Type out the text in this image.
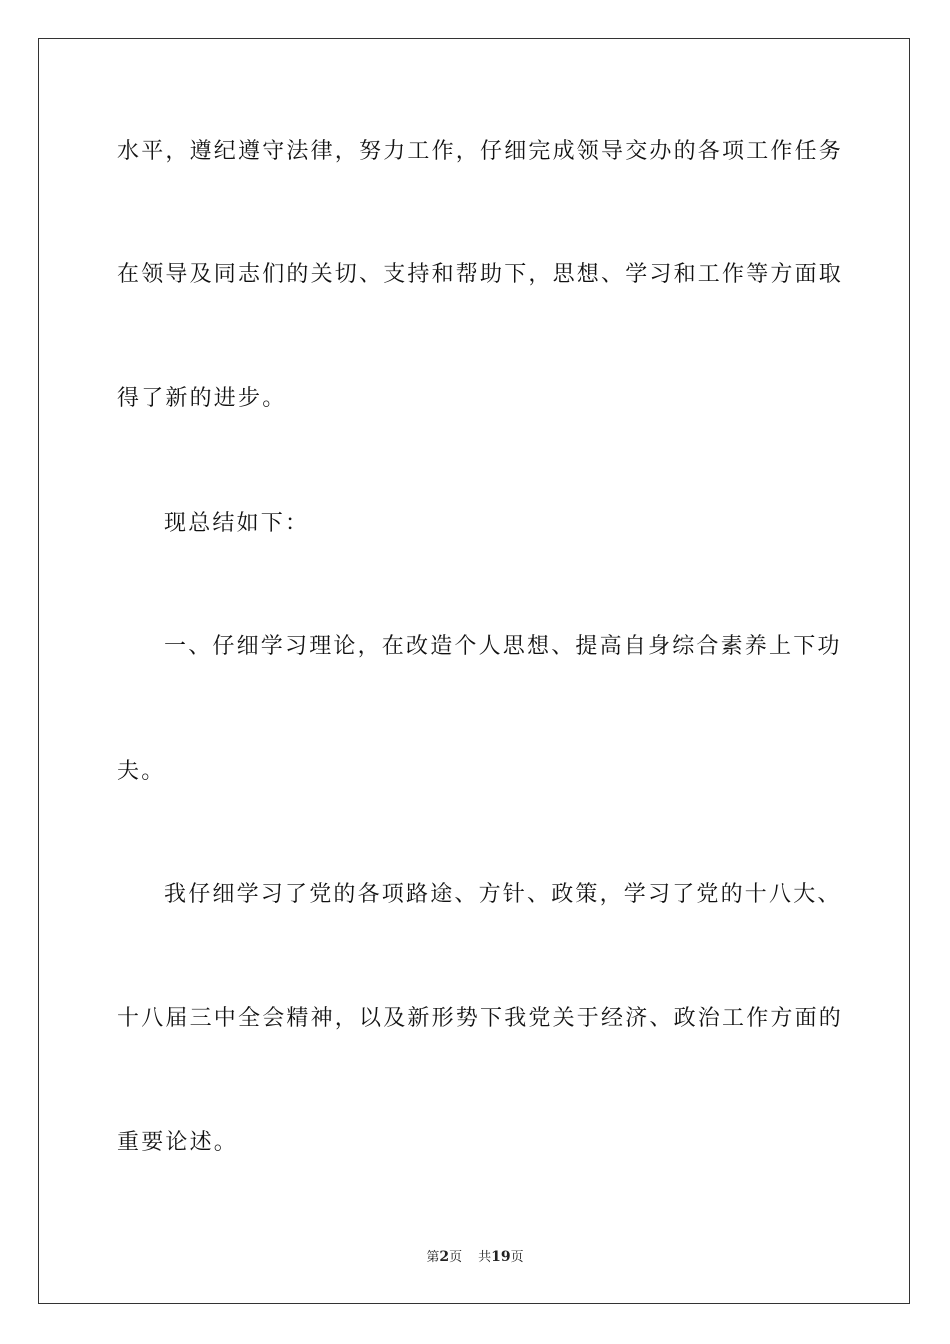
水平，遵纪遵守法律，努力工作，仔细完成领导交办的各项工作任务
在领导及同志们的关切、支持和帮助下，思想、学习和工作等方面取
得了新的进步。
现总结如下：
一、仔细学习理论，在改造个人思想、提高自身综合素养上下功
夫。
我仔细学习了党的各项路途、方针、政策，学习了党的十八大、
十八届三中全会精神，以及新形势下我党关于经济、政治工作方面的
重要论述。
第2页 共19页
